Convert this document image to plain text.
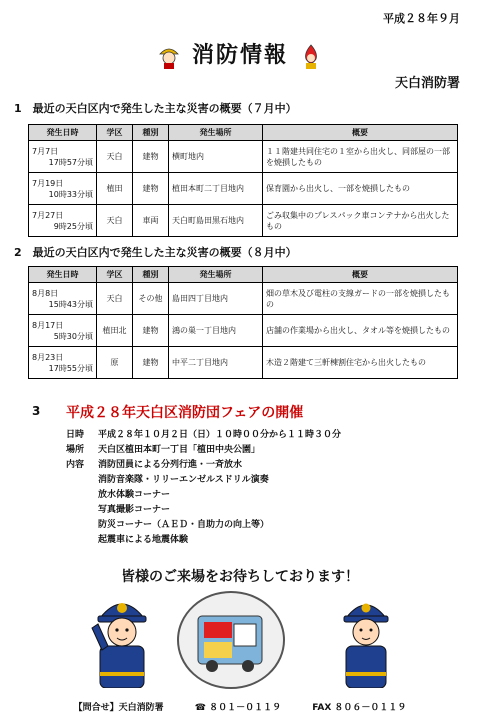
平成２８年９月
消防情報
天白消防署
1　最近の天白区内で発生した主な災害の概要（７月中）
発生日時	学区	種別	発生場所	概要

7月7日
17時57分頃	天白	建物	横町地内	１１階建共同住宅の１室から出火し、同部屋の一部を焼損したもの

7月19日
10時33分頃	植田	建物	植田本町二丁目地内	保育園から出火し、一部を焼損したもの

7月27日
9時25分頃	天白	車両	天白町島田黒石地内	ごみ収集中のプレスパック車コンテナから出火したもの
2　最近の天白区内で発生した主な災害の概要（８月中）
発生日時	学区	種別	発生場所	概要

8月8日
15時43分頃	天白	その他	島田四丁目地内	畑の草木及び電柱の支線ガードの一部を焼損したもの

8月17日
5時30分頃	植田北	建物	鴻の巣一丁目地内	店舗の作業場から出火し、タオル等を焼損したもの

8月23日
17時55分頃	原	建物	中平二丁目地内	木造２階建て三軒棟割住宅から出火したもの
3 平成２８年天白区消防団フェアの開催
日時 平成２８年１０月２日（日）１０時００分から１１時３０分
場所 天白区植田本町一丁目「植田中央公園」
内容 消防団員による分列行進・一斉放水
消防音楽隊・リリーエンゼルスドリル演奏
放水体験コーナー
写真撮影コーナー
防災コーナー（ＡＥＤ・自助力の向上等）
起震車による地震体験
皆様のご来場をお待ちしております！
【問合せ】天白消防署	☎ ８０１－０１１９	FAX ８０６－０１１９
